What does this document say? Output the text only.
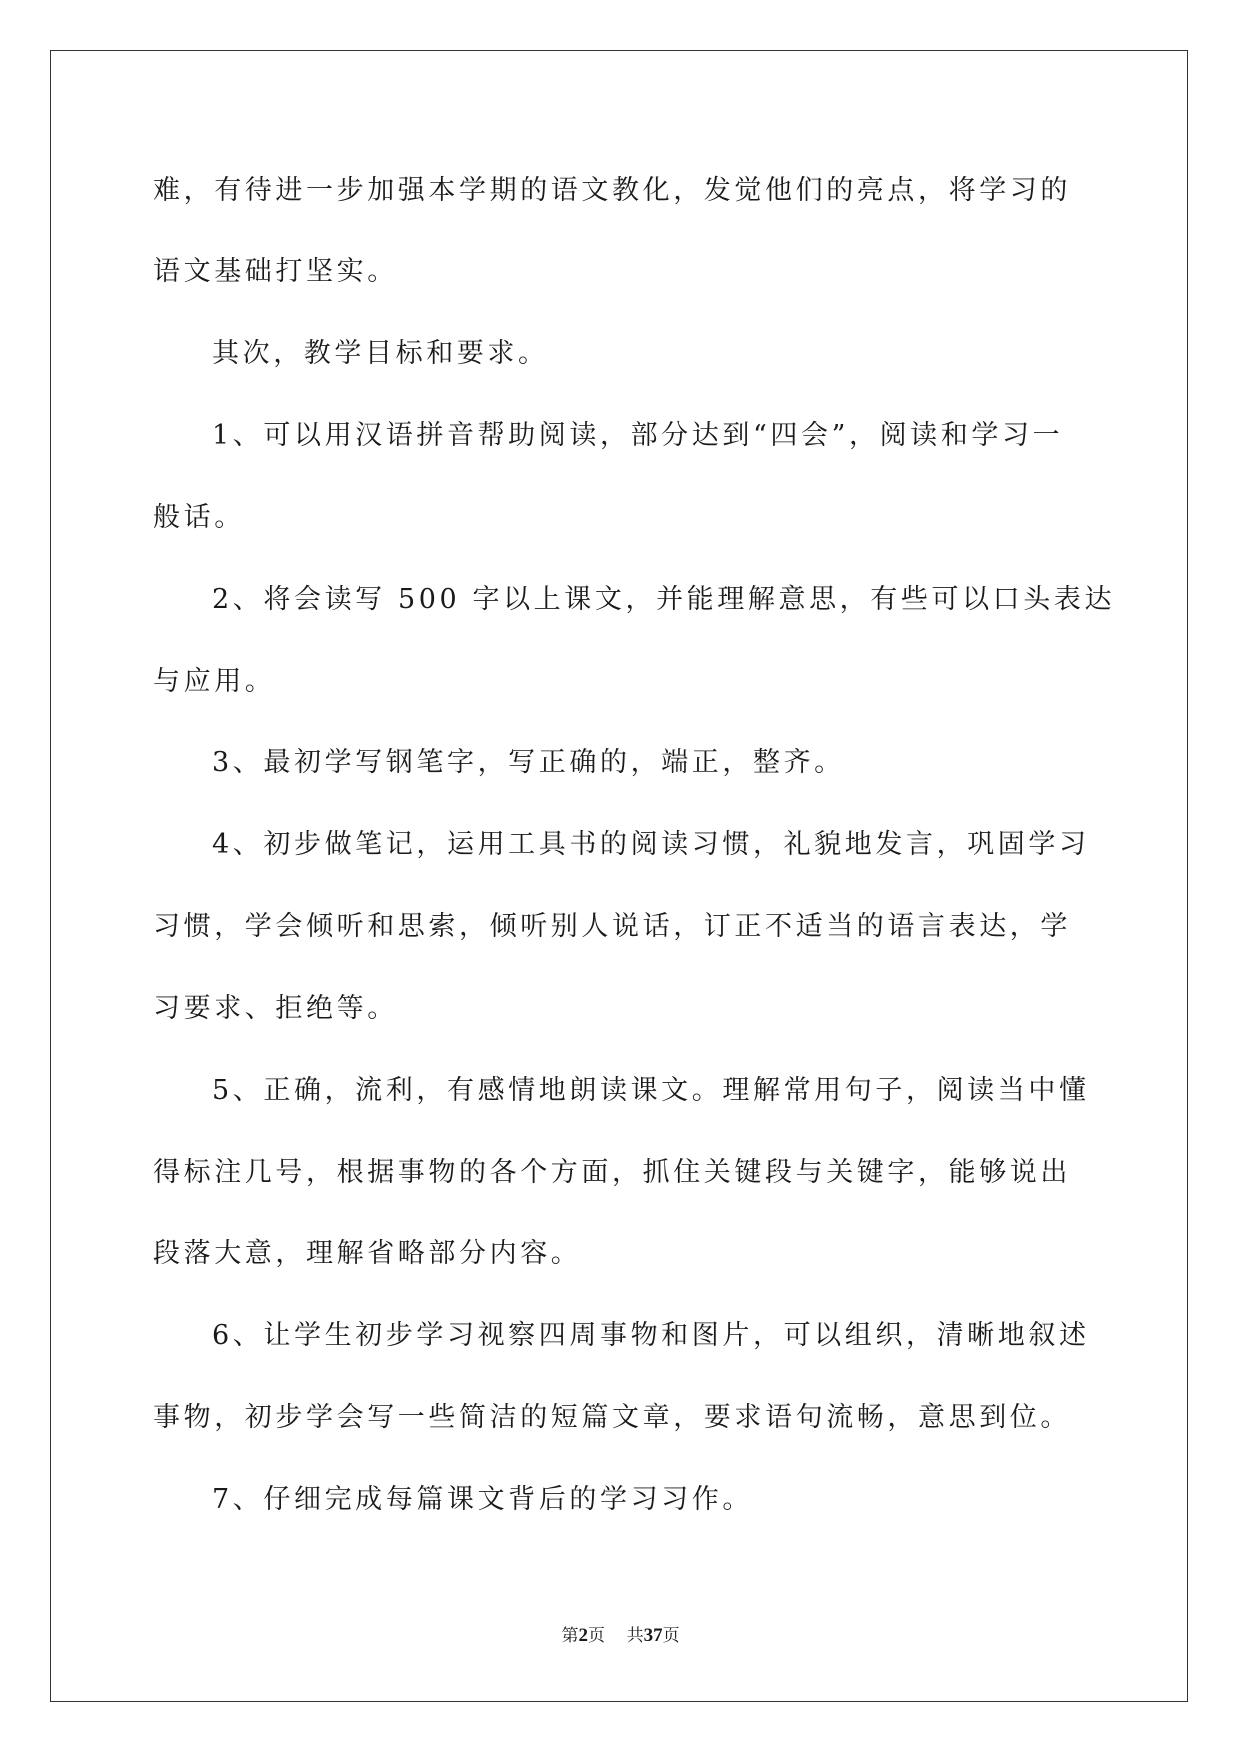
难，有待进一步加强本学期的语文教化，发觉他们的亮点，将学习的
语文基础打坚实。
其次，教学目标和要求。
1、可以用汉语拼音帮助阅读，部分达到“四会”，阅读和学习一
般话。
2、将会读写 500 字以上课文，并能理解意思，有些可以口头表达
与应用。
3、最初学写钢笔字，写正确的，端正，整齐。
4、初步做笔记，运用工具书的阅读习惯，礼貌地发言，巩固学习
习惯，学会倾听和思索，倾听别人说话，订正不适当的语言表达，学
习要求、拒绝等。
5、正确，流利，有感情地朗读课文。理解常用句子，阅读当中懂
得标注几号，根据事物的各个方面，抓住关键段与关键字，能够说出
段落大意，理解省略部分内容。
6、让学生初步学习视察四周事物和图片，可以组织，清晰地叙述
事物，初步学会写一些简洁的短篇文章，要求语句流畅，意思到位。
7、仔细完成每篇课文背后的学习习作。
第2页 共37页
